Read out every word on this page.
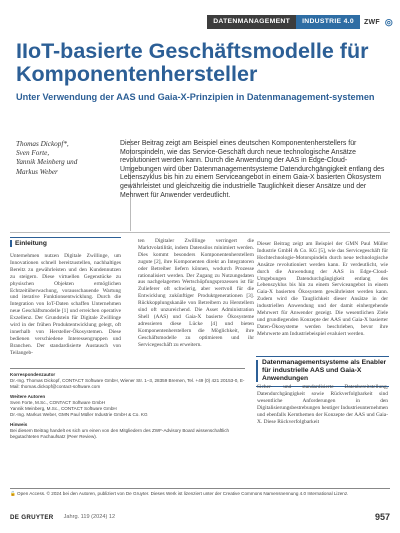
DATENMANAGEMENT	INDUSTRIE 4.0	ZWF ◎
IIoT-basierte Geschäftsmodelle für Komponentenhersteller
Unter Verwendung der AAS und Gaia-X-Prinzipien in Datenmanagement-systemen
Thomas Dickopf*,
Sven Forte,
Yannik Meinberg und
Markus Weber
Dieser Beitrag zeigt am Beispiel eines deutschen Komponentenherstellers für Motorspindeln, wie das Service-Geschäft durch neue technologische Ansätze revolutioniert werden kann. Durch die Anwendung der AAS in Edge-Cloud-Umgebungen wird über Datenmanagementsysteme Datendurchgängigkeit entlang des Lebenszyklus bis hin zu einem Serviceangebot in einem Gaia-X basierten Ökosystem gewährleistet und gleichzeitig die industrielle Tauglichkeit dieser Ansätze und der Mehrwert für Anwender verdeutlicht.
Einleitung
Unternehmen nutzen Digitale Zwillinge, um Innovationen schnell bereitzustellen, nachhaltiges Bereitz zu gewährleisten und den Kundennutzen zu steigern. Diese virtuellen Gegenstücke zu physischen Objekten ermöglichen Echtzeitüberwachung, vorausschauende Wartung und iterative Funktionsentwicklung. Durch die Integration von IoT-Daten schaffen Unternehmen neue Geschäftsmodelle [1] und erreichen operative Exzellenz. Der Grundstein für Digitale Zwillinge wird in der frühen Produktentwicklung gelegt, oft innerhalb von Hersteller-Ökosystemen. Diese bedienen verschiedene Interessengruppen und Branchen. Der standardisierte Austausch von Teilangeb-
ten Digitaler Zwillinge verringert die Marktvolatilität, indem Datensilos minimiert werden. Dies kommt besonders Komponentenherstellern zugute [2], ihre Komponenten direkt an Integratoren oder Betreiber liefern können, wodurch Prozesse rationalisiert werden. Der Zugang zu Nutzungsdaten aus nachgelagerten Wertschöpfungsprozessen ist für Zulieferer oft schwierig, aber wertvoll für die Entwicklung zukünftiger Produktgenerationen [3]. Rückkopplungskanäle von Betreibern zu Herstellern sind oft unzureichend. Die Asset Administration Shell (AAS) und Gaia-X basierte Ökosysteme adressieren diese Lücke [4] und bieten Komponentenherstellern die Möglichkeit, ihre Geschäftsmodelle zu optimieren und ihr Servicegeschäft zu erweitern.
Dieser Beitrag zeigt am Beispiel der GMN Paul Müller Industrie GmbH & Co. KG [5], wie das Servicegeschäft für Hochtechnologie-Motorspindeln durch neue technologische Ansätze revolutioniert werden kann. Er verdeutlicht, wie durch die Anwendung der AAS in Edge-Cloud-Umgebungen Datendurchgängigkeit entlang des Lebenszyklus bis hin zu einem Serviceangebot in einem Gaia-X basierten Ökosystem gewährleistet werden kann. Zudem wird die Tauglichkeit dieser Ansätze in der industriellen Anwendung und der damit einhergehende Mehrwert für Anwender gezeigt. Die wesentlichen Ziele und grundlegenden Konzepte der AAS und Gaia-X basierter Daten-Ökosysteme werden beschrieben, bevor ihre Mehrwerte am Industriebeispiel evaluiert werden.
Datenmanagementsysteme als Enabler für industrielle AAS und Gaia-X Anwendungen
Sicher- und standardisierte Datenbereitstellung, Datendurchgängigkeit sowie Rückverfolgbarkeit sind wesentliche Anforderungen in den Digitalisierungsbestrebungen heutiger Industrieunternehmen und ebenfalls Kernthemen der Konzepte der AAS und Gaia-X. Diese Rückverfolgbarkeit
Korrespondenzautor
Dr.-Ing. Thomas Dickopf, CONTACT Software GmbH, Wiener Str. 1–3, 28359 Bremen, Tel. +49 (0) 421 20153-0, E-Mail: thomas.dickopf@contact-software.com
Weitere Autoren
Sven Forte, M.Sc., CONTACT Software GmbH
Yannik Meinberg, M.Sc., CONTACT Software GmbH
Dr.-Ing. Markus Weber, GMN Paul Müller Industrie GmbH & Co. KG
Hinweis
Bei diesem Beitrag handelt es sich um einen von den Mitgliedern des ZWF-Advisory Board wissenschaftlich begutachteten Fachaufsatz (Peer Review).
🔓 Open Access. © 2024 bei den Autoren, publiziert von De Gruyter. Dieses Werk ist lizenziert unter der Creative Commons Namensnennung 4.0 International Lizenz.
DE GRUYTER Jahrg. 119 (2024) 12	957
